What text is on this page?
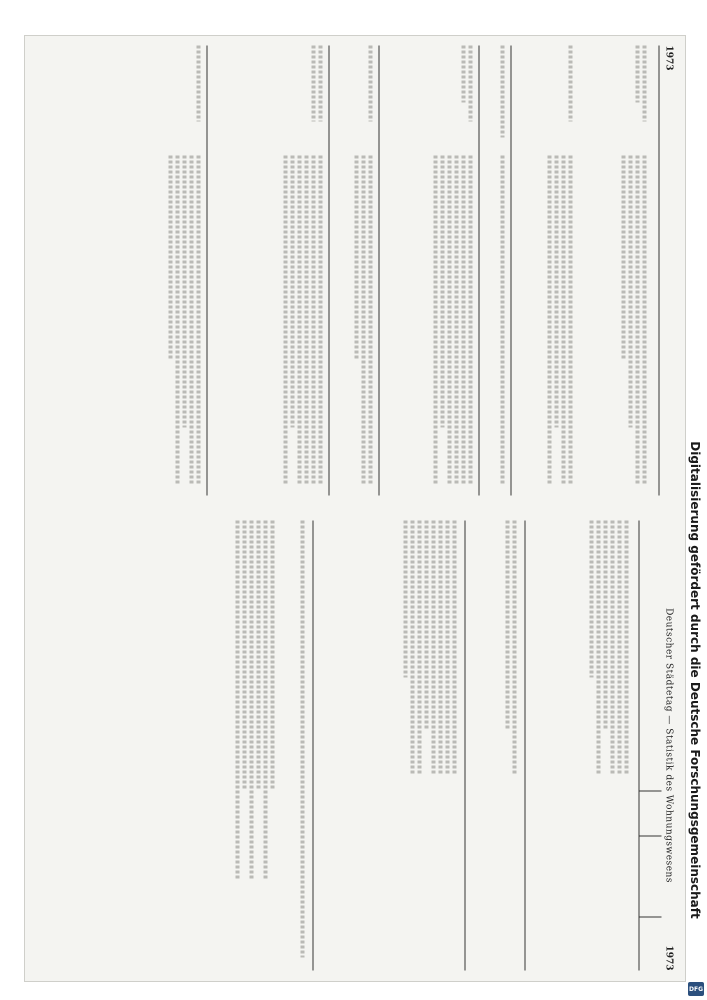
1973
Deutscher Städtetag — Statistik des Wohnungswesens
1973
Digitalisierung gefördert durch die Deutsche Forschungsgemeinschaft
DFG
